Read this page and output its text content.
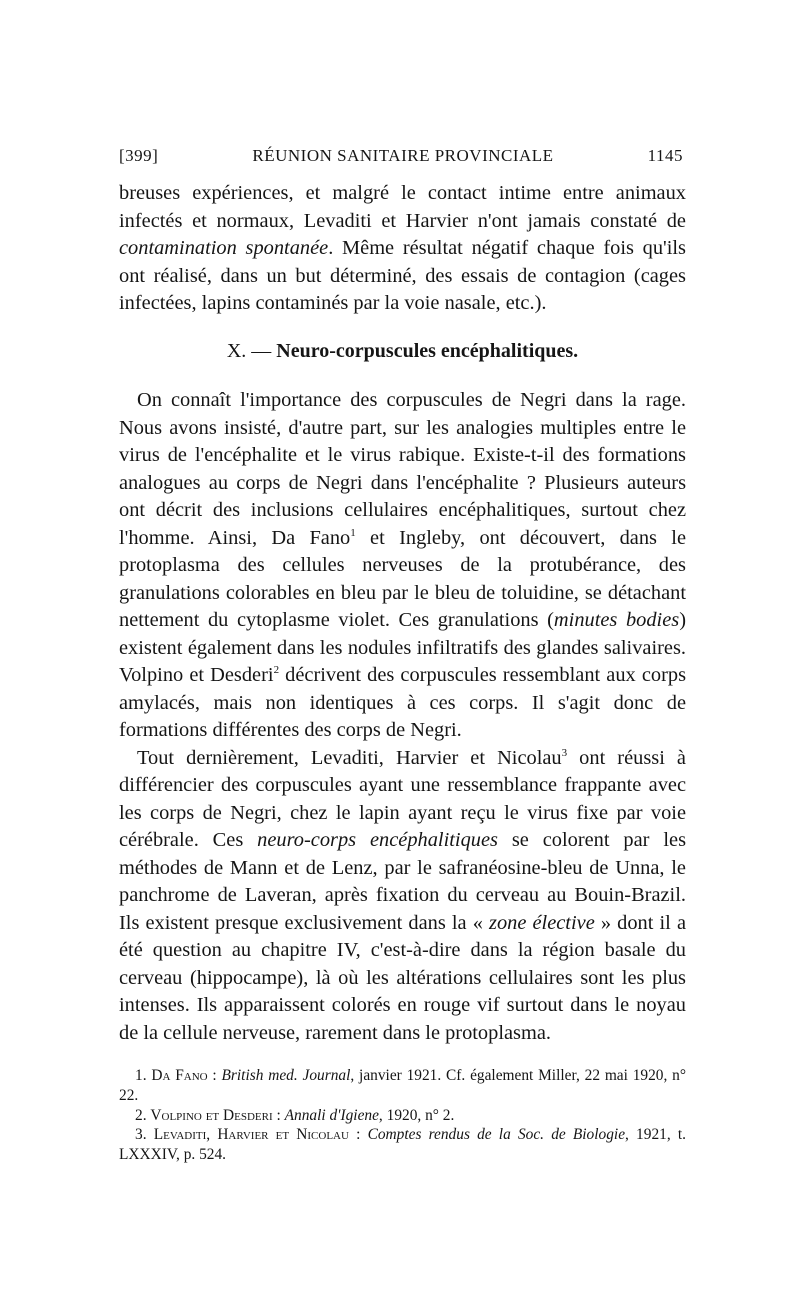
[399]	RÉUNION SANITAIRE PROVINCIALE	1145

breuses expériences, et malgré le contact intime entre animaux infectés et normaux, Levaditi et Harvier n'ont jamais constaté de contamination spontanée. Même résultat négatif chaque fois qu'ils ont réalisé, dans un but déterminé, des essais de contagion (cages infectées, lapins contaminés par la voie nasale, etc.).

X. — Neuro-corpuscules encéphalitiques.

On connaît l'importance des corpuscules de Negri dans la rage. Nous avons insisté, d'autre part, sur les analogies multiples entre le virus de l'encéphalite et le virus rabique. Existe-t-il des formations analogues au corps de Negri dans l'encéphalite ? Plusieurs auteurs ont décrit des inclusions cellulaires encéphalitiques, surtout chez l'homme. Ainsi, Da Fano$^1$ et Ingleby, ont découvert, dans le protoplasma des cellules nerveuses de la protubérance, des granulations colorables en bleu par le bleu de toluidine, se détachant nettement du cytoplasme violet. Ces granulations (minutes bodies) existent également dans les nodules infiltratifs des glandes salivaires. Volpino et Desderi$^2$ décrivent des corpuscules ressemblant aux corps amylacés, mais non identiques à ces corps. Il s'agit donc de formations différentes des corps de Negri.

Tout dernièrement, Levaditi, Harvier et Nicolau$^3$ ont réussi à différencier des corpuscules ayant une ressemblance frappante avec les corps de Negri, chez le lapin ayant reçu le virus fixe par voie cérébrale. Ces neuro-corps encéphalitiques se colorent par les méthodes de Mann et de Lenz, par le safranéosine-bleu de Unna, le panchrome de Laveran, après fixation du cerveau au Bouin-Brazil. Ils existent presque exclusivement dans la « zone élective » dont il a été question au chapitre IV, c'est-à-dire dans la région basale du cerveau (hippocampe), là où les altérations cellulaires sont les plus intenses. Ils apparaissent colorés en rouge vif surtout dans le noyau de la cellule nerveuse, rarement dans le protoplasma.

1. Da Fano : British med. Journal, janvier 1921. Cf. également Miller, 22 mai 1920, n° 22.

2. Volpino et Desderi : Annali d'Igiene, 1920, n° 2.

3. Levaditi, Harvier et Nicolau : Comptes rendus de la Soc. de Biologie, 1921, t. LXXXIV, p. 524.
